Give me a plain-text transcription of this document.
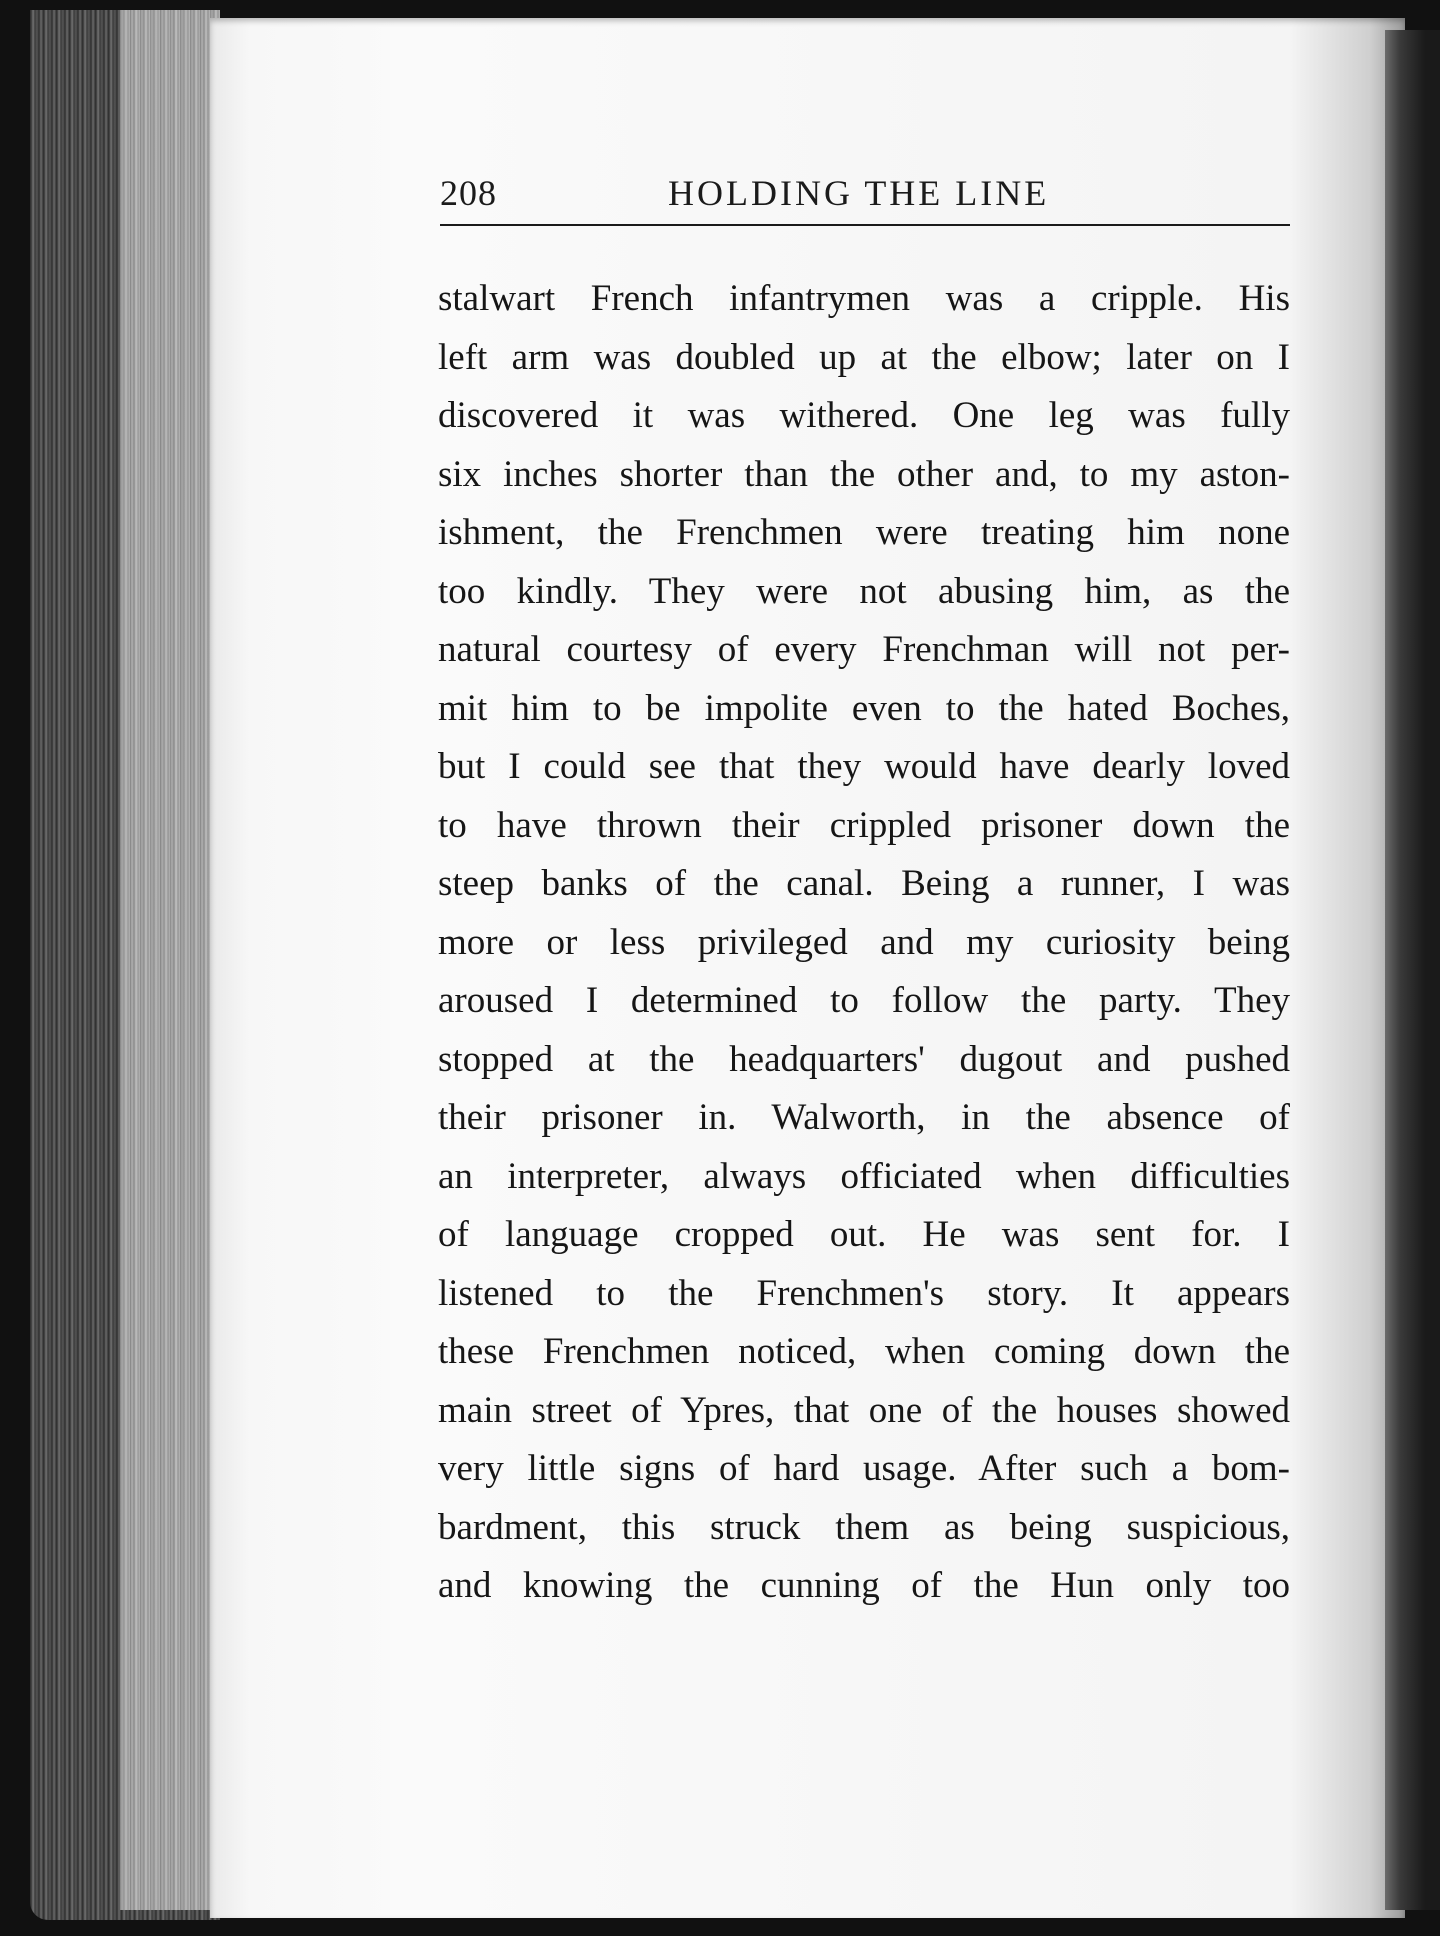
208	HOLDING THE LINE
stalwart French infantrymen was a cripple. His
left arm was doubled up at the elbow; later on I
discovered it was withered. One leg was fully
six inches shorter than the other and, to my aston-
ishment, the Frenchmen were treating him none
too kindly. They were not abusing him, as the
natural courtesy of every Frenchman will not per-
mit him to be impolite even to the hated Boches,
but I could see that they would have dearly loved
to have thrown their crippled prisoner down the
steep banks of the canal. Being a runner, I was
more or less privileged and my curiosity being
aroused I determined to follow the party. They
stopped at the headquarters' dugout and pushed
their prisoner in. Walworth, in the absence of
an interpreter, always officiated when difficulties
of language cropped out. He was sent for. I
listened to the Frenchmen's story. It appears
these Frenchmen noticed, when coming down the
main street of Ypres, that one of the houses showed
very little signs of hard usage. After such a bom-
bardment, this struck them as being suspicious,
and knowing the cunning of the Hun only too
